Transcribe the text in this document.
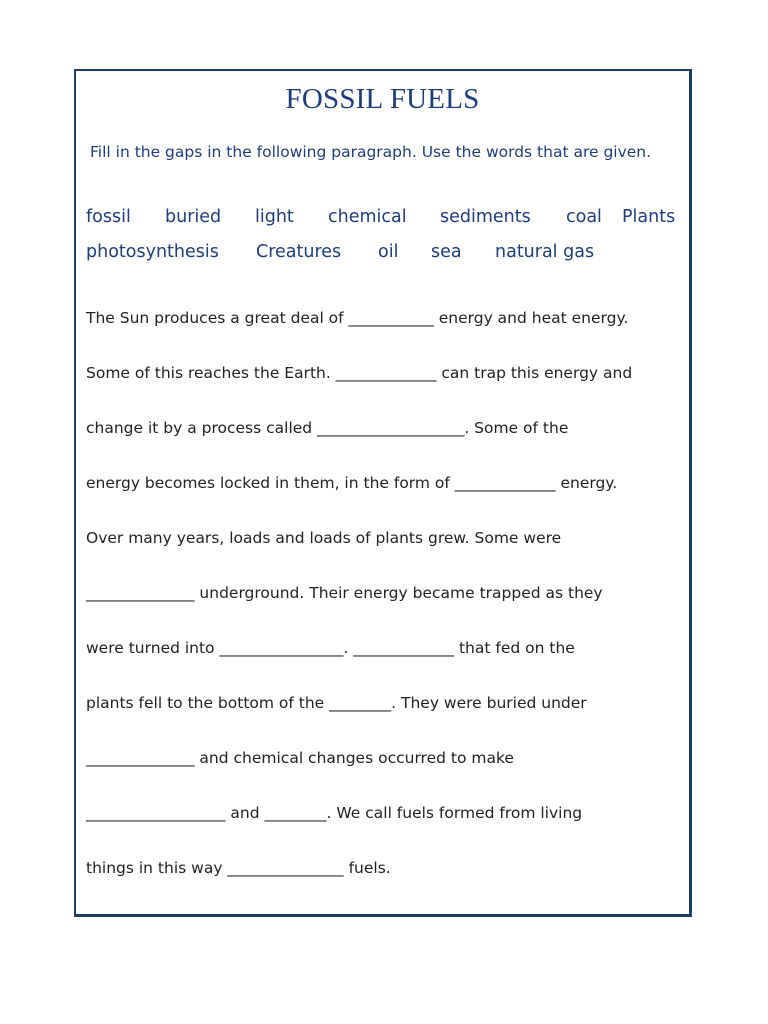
FOSSIL FUELS
Fill in the gaps in the following paragraph. Use the words that are given.
fossil buried light chemical sediments coal Plants
photosynthesis Creatures oil sea natural gas
The Sun produces a great deal of ___________ energy and heat energy.
Some of this reaches the Earth. _____________ can trap this energy and
change it by a process called ___________________. Some of the
energy becomes locked in them, in the form of _____________ energy.
Over many years, loads and loads of plants grew. Some were
______________ underground. Their energy became trapped as they
were turned into ________________. _____________ that fed on the
plants fell to the bottom of the ________. They were buried under
______________ and chemical changes occurred to make
__________________ and ________. We call fuels formed from living
things in this way _______________ fuels.
